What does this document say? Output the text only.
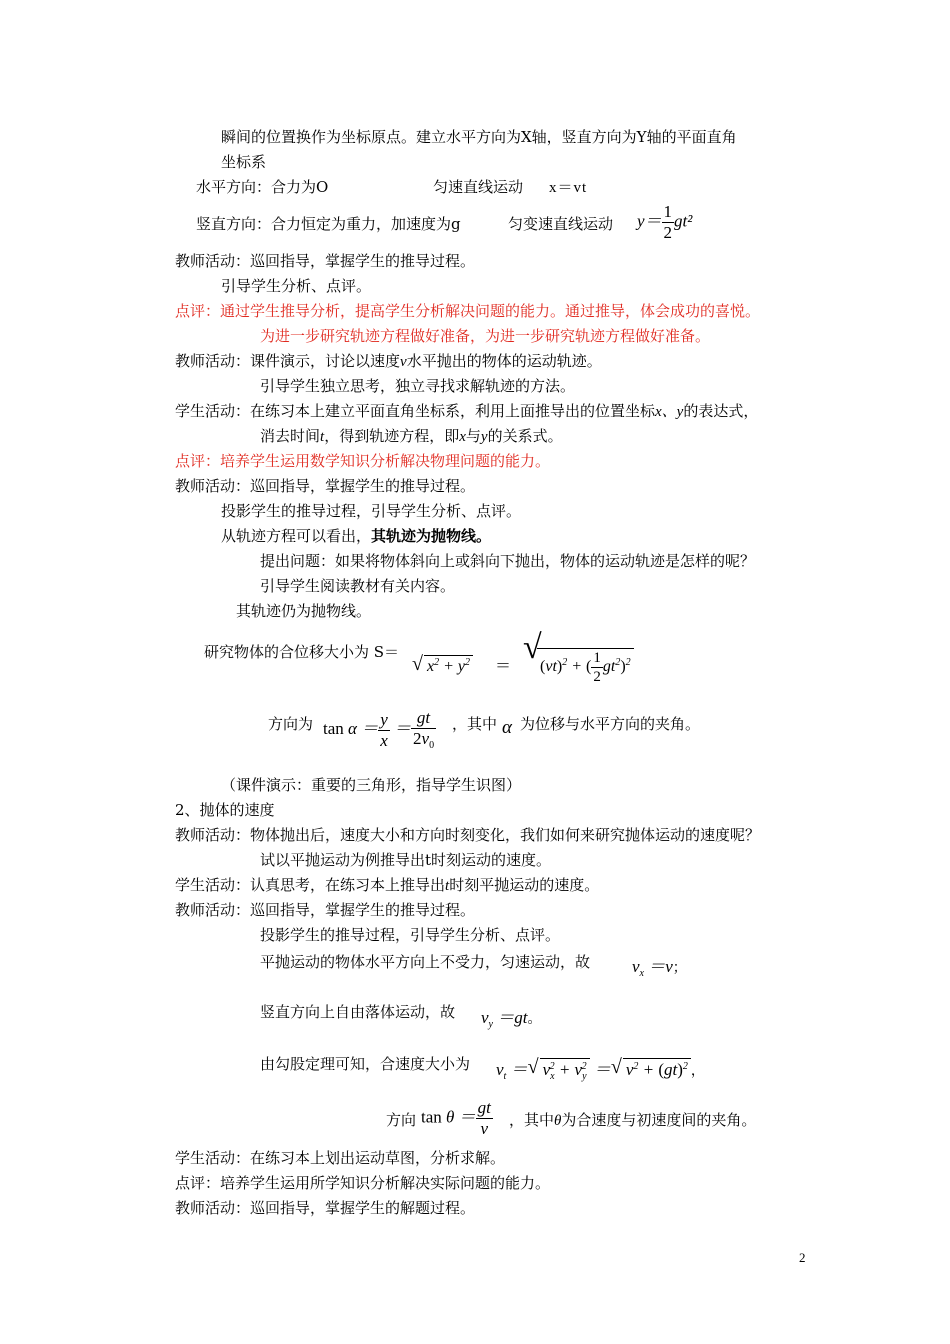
瞬间的位置换作为坐标原点。建立水平方向为X轴，竖直方向为Y轴的平面直角
坐标系
水平方向：合力为O	匀速直线运动 x＝vt
竖直方向：合力恒定为重力，加速度为g	匀变速直线运动 $y= \frac{1}{2} gt^2$
教师活动：巡回指导，掌握学生的推导过程。
引导学生分析、点评。
点评：通过学生推导分析，提高学生分析解决问题的能力。通过推导，体会成功的喜悦。
为进一步研究轨迹方程做好准备，为进一步研究轨迹方程做好准备。
教师活动：课件演示，讨论以速度v水平抛出的物体的运动轨迹。
引导学生独立思考，独立寻找求解轨迹的方法。
学生活动：在练习本上建立平面直角坐标系，利用上面推导出的位置坐标x、y的表达式，
消去时间t，得到轨迹方程，即x与y的关系式。
点评：培养学生运用数学知识分析解决物理问题的能力。
教师活动：巡回指导，掌握学生的推导过程。
投影学生的推导过程，引导学生分析、点评。
从轨迹方程可以看出，其轨迹为抛物线。
提出问题：如果将物体斜向上或斜向下抛出，物体的运动轨迹是怎样的呢？
引导学生阅读教材有关内容。
其轨迹仍为抛物线。
研究物体的合位移大小为 S＝
√ $x^2 + y^2$ ＝ √ (vt)$^2$ + ( $\frac{1}{2} gt^2)^2$
方向为 $\tan \alpha = \frac{y}{x} = \frac{gt}{2v_0}$ ，其中 α 为位移与水平方向的夹角。
（课件演示：重要的三角形，指导学生识图）
2、抛体的速度
教师活动：物体抛出后，速度大小和方向时刻变化，我们如何来研究抛体运动的速度呢？
试以平抛运动为例推导出t时刻运动的速度。
学生活动：认真思考，在练习本上推导出t时刻平抛运动的速度。
教师活动：巡回指导，掌握学生的推导过程。
投影学生的推导过程，引导学生分析、点评。
平抛运动的物体水平方向上不受力，匀速运动，故 $v_x =v$；
竖直方向上自由落体运动，故 $v_y =gt$。
由勾股定理可知，合速度大小为 $v_t$ ＝ √ $v_x^2 + v_y^2$ ＝ √ $v^2 + (gt)^2$ ，
方向 $\tan \theta = \frac{gt}{v}$ ，其中θ为合速度与初速度间的夹角。
学生活动：在练习本上划出运动草图，分析求解。
点评：培养学生运用所学知识分析解决实际问题的能力。
教师活动：巡回指导，掌握学生的解题过程。
2
